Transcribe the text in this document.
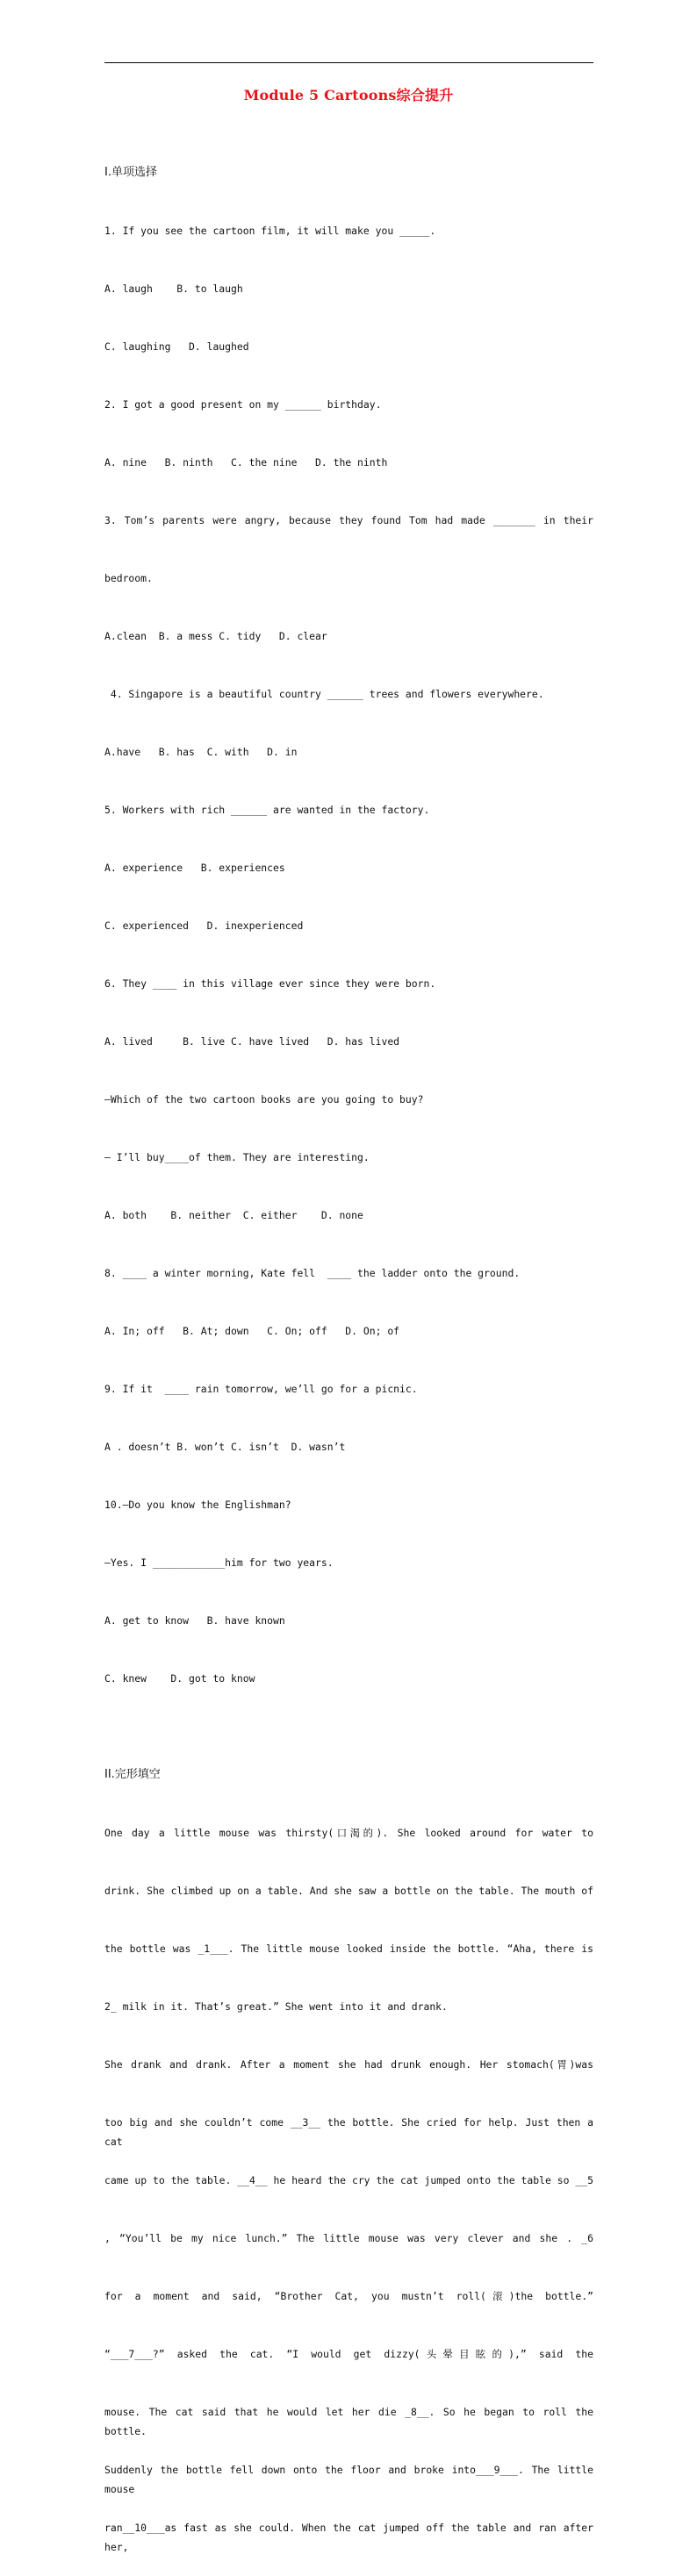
Module 5 Cartoons综合提升

I.单项选择

1. If you see the cartoon film, it will make you _____.

A. laugh    B. to laugh

C. laughing   D. laughed

2. I got a good present on my ______ birthday.

A. nine   B. ninth   C. the nine   D. the ninth

3. Tom’s parents were angry, because they found Tom had made _______ in their

bedroom.

A.clean  B. a mess C. tidy   D. clear

4. Singapore is a beautiful country ______ trees and flowers everywhere.

A.have   B. has  C. with   D. in

5. Workers with rich ______ are wanted in the factory.

A. experience   B. experiences

C. experienced   D. inexperienced

6. They ____ in this village ever since they were born.

A. lived     B. live C. have lived   D. has lived

—Which of the two cartoon books are you going to buy?

— I’ll buy____of them. They are interesting.

A. both    B. neither  C. either    D. none

8. ____ a winter morning, Kate fell  ____ the ladder onto the ground.

A. In; off   B. At; down   C. On; off   D. On; of

9. If it  ____ rain tomorrow, we’ll go for a picnic.

A . doesn’t B. won’t C. isn’t  D. wasn’t

10.—Do you know the Englishman?

—Yes. I ____________him for two years.

A. get to know   B. have known

C. knew    D. got to know

II.完形填空

One day a little mouse was thirsty(口渴的). She looked around for water to

drink. She climbed up on a table. And she saw a bottle on the table. The mouth of

the bottle was _1___. The little mouse looked inside the bottle. “Aha, there is

2_ milk in it. That’s great.” She went into it and drank.

She drank and drank. After a moment she had drunk enough. Her stomach(胃)was

too big and she couldn’t come __3__ the bottle. She cried for help. Just then a cat

came up to the table. __4__ he heard the cry the cat jumped onto the table so __5

, “You’ll be my nice lunch.” The little mouse was very clever and she . _6

for a moment and said, “Brother Cat, you mustn’t roll(滚)the bottle.”

“___7___?” asked the cat. “I would get dizzy(头晕目眩的),” said the

mouse. The cat said that he would let her die _8__. So he began to roll the bottle.

Suddenly the bottle fell down onto the floor and broke into___9___. The little mouse

ran__10___as fast as she could. When the cat jumped off the table and ran after her,
